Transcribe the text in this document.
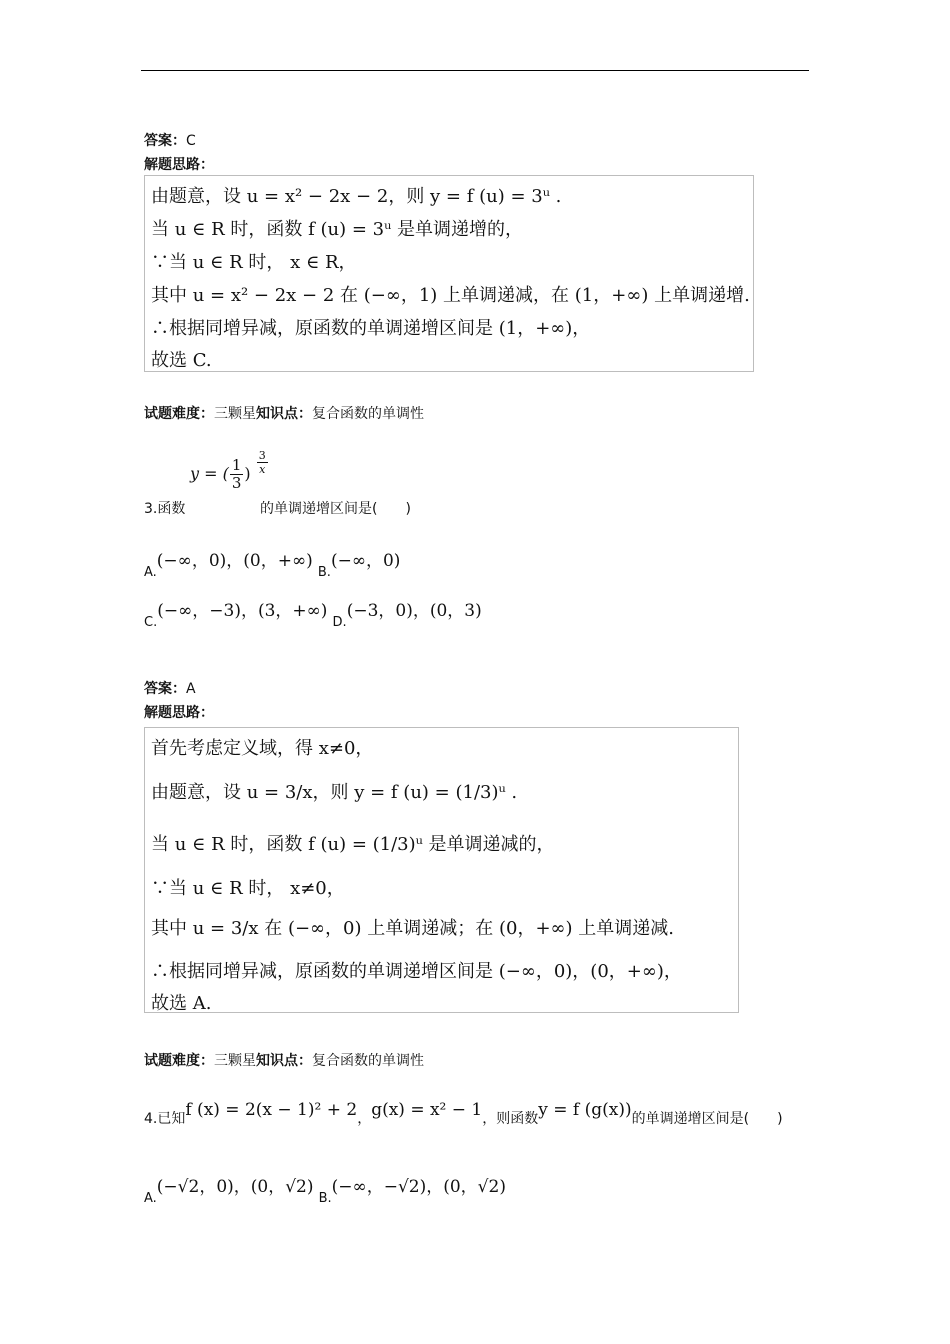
答案：C
解题思路：
由题意，设 u = x² − 2x − 2，则 y = f (u) = 3ᵘ .
当 u ∈ R 时，函数 f (u) = 3ᵘ 是单调递增的，
∵当 u ∈ R 时， x ∈ R，
其中 u = x² − 2x − 2 在 (−∞，1) 上单调递减，在 (1，+∞) 上单调递增.
∴根据同增异减，原函数的单调递增区间是 (1，+∞)，
故选 C.
试题难度：三颗星知识点：复合函数的单调性
3.函数
y = ( $\frac{1}{3}$ ) $\frac{3}{x}$
的单调递增区间是(　　)
A.(−∞，0)，(0，+∞) B.(−∞，0)
C.(−∞，−3)，(3，+∞) D.(−3，0)，(0，3)
答案：A
解题思路：
首先考虑定义域，得 x≠0，
由题意，设 u = 3/x，则 y = f (u) = (1/3)ᵘ .
当 u ∈ R 时，函数 f (u) = (1/3)ᵘ 是单调递减的，
∵当 u ∈ R 时， x≠0，
其中 u = 3/x 在 (−∞，0) 上单调递减；在 (0，+∞) 上单调递减.
∴根据同增异减，原函数的单调递增区间是 (−∞，0)，(0，+∞)，
故选 A.
试题难度：三颗星知识点：复合函数的单调性
4.已知f (x) = 2(x − 1)² + 2，g(x) = x² − 1，则函数y = f (g(x))的单调递增区间是(　　)
A.(−√2，0)，(0，√2) B.(−∞，−√2)，(0，√2)
